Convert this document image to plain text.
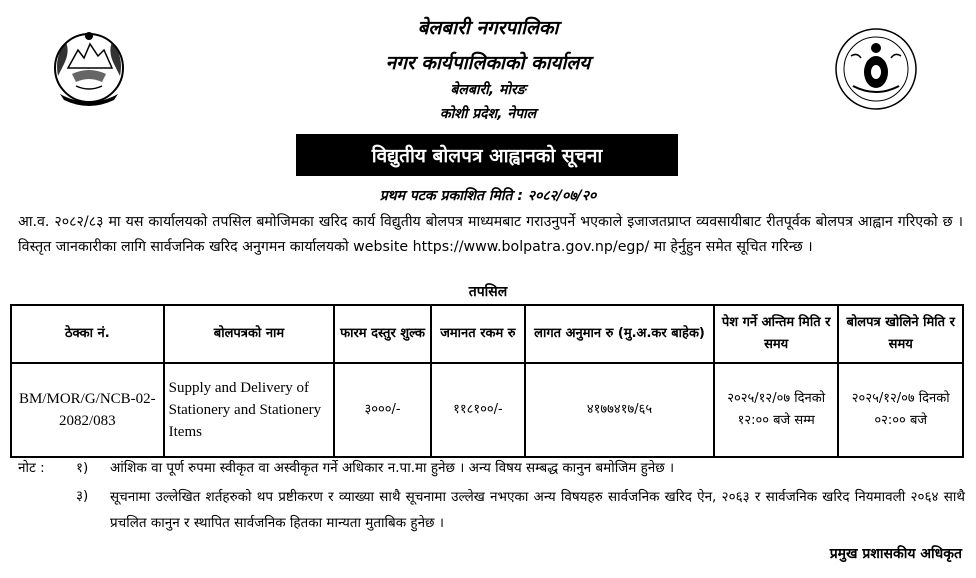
बेलबारी नगरपालिका
नगर कार्यपालिकाको कार्यालय
बेलबारी, मोरङ
कोशी प्रदेश, नेपाल
विद्युतीय बोलपत्र आह्वानको सूचना
प्रथम पटक प्रकाशित मिति : २०८२/०७/२०
आ.व. २०८२/८३ मा यस कार्यालयको तपसिल बमोजिमका खरिद कार्य विद्युतीय बोलपत्र माध्यमबाट गराउनुपर्ने भएकाले इजाजतप्राप्त व्यवसायीबाट रीतपूर्वक बोलपत्र आह्वान गरिएको छ । विस्तृत जानकारीका लागि सार्वजनिक खरिद अनुगमन कार्यालयको website https://www.bolpatra.gov.np/egp/ मा हेर्नुहुन समेत सूचित गरिन्छ ।
तपसिल
ठेक्का नं.	बोलपत्रको नाम	फारम दस्तुर शुल्क	जमानत रकम रु	लागत अनुमान रु (मु.अ.कर बाहेक)	पेश गर्ने अन्तिम मिति र समय	बोलपत्र खोलिने मिति र समय
BM/MOR/G/NCB-02-2082/083	Supply and Delivery of Stationery and Stationery Items	३०००/-	११८१००/-	४१७७४१७/६५	२०२५/१२/०७ दिनको १२:०० बजे सम्म	२०२५/१२/०७ दिनको ०२:०० बजे
नोट : १) आंशिक वा पूर्ण रुपमा स्वीकृत वा अस्वीकृत गर्ने अधिकार न.पा.मा हुनेछ । अन्य विषय सम्बद्ध कानुन बमोजिम हुनेछ ।
३) सूचनामा उल्लेखित शर्तहरुको थप प्रष्टीकरण र व्याख्या साथै सूचनामा उल्लेख नभएका अन्य विषयहरु सार्वजनिक खरिद ऐन, २०६३ र सार्वजनिक खरिद नियमावली २०६४ साथै प्रचलित कानुन र स्थापित सार्वजनिक हितका मान्यता मुताबिक हुनेछ ।
प्रमुख प्रशासकीय अधिकृत
